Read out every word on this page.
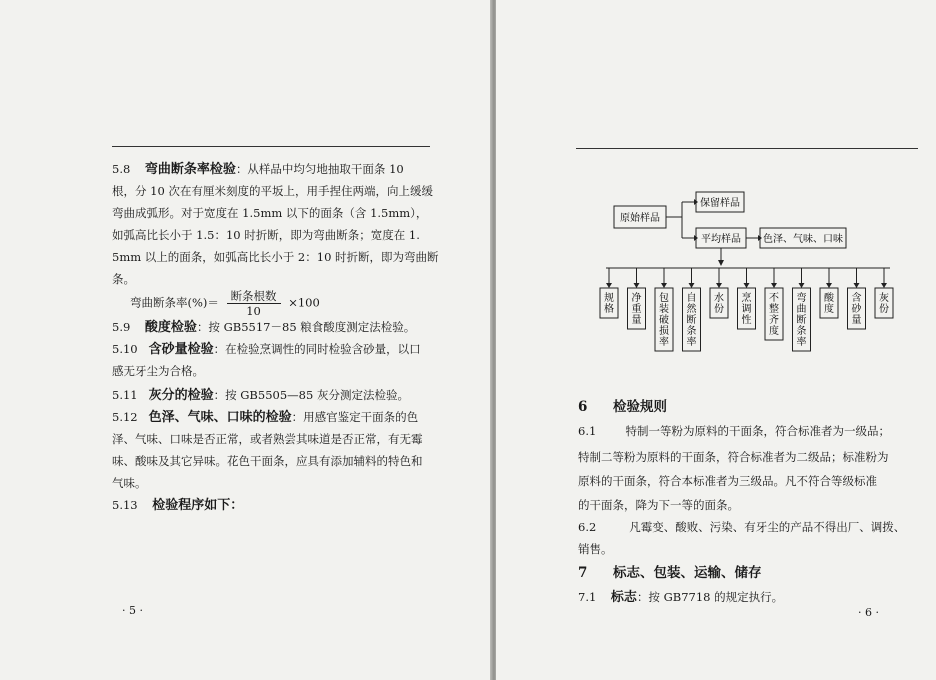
5.8 弯曲断条率检验：从样品中均匀地抽取干面条 10
根，分 10 次在有厘米刻度的平坂上，用手捏住两端，向上缓缓
弯曲成弧形。对于宽度在 1.5mm 以下的面条（含 1.5mm），
如弧高比长小于 1.5：10 时折断，即为弯曲断条；宽度在 1.
5mm 以上的面条，如弧高比长小于 2：10 时折断，即为弯曲断
条。
弯曲断条率(%)＝ $\frac{\text{断条根数}}{10} \times 100$
5.9 酸度检验：按 GB5517－85 粮食酸度测定法检验。
5.10 含砂量检验：在检验烹调性的同时检验含砂量，以口
感无牙尘为合格。
5.11 灰分的检验：按 GB5505—85 灰分测定法检验。
5.12 色泽、气味、口味的检验：用感官鉴定干面条的色
泽、气味、口味是否正常，或者熟尝其味道是否正常，有无霉
味、酸味及其它异味。花色干面条，应具有添加辅料的特色和
气味。
5.13 检验程序如下：
· 5 ·
规格
净重量
包装破损率
自然断条率
水份
烹调性
不整齐度
弯曲断条率
酸度
含砂量
灰份
原始样品
保留样品
平均样品 色泽、气味、口味
6 检验规则
6.1	特制一等粉为原料的干面条，符合标准者为一级品；
特制二等粉为原料的干面条，符合标准者为二级品；标准粉为
原料的干面条，符合本标准者为三级品。凡不符合等级标准
的干面条，降为下一等的面条。
6.2	凡霉变、酸败、污染、有牙尘的产品不得出厂、调拨、
销售。
7 标志、包装、运输、储存
7.1 标志：按 GB7718 的规定执行。
· 6 ·
